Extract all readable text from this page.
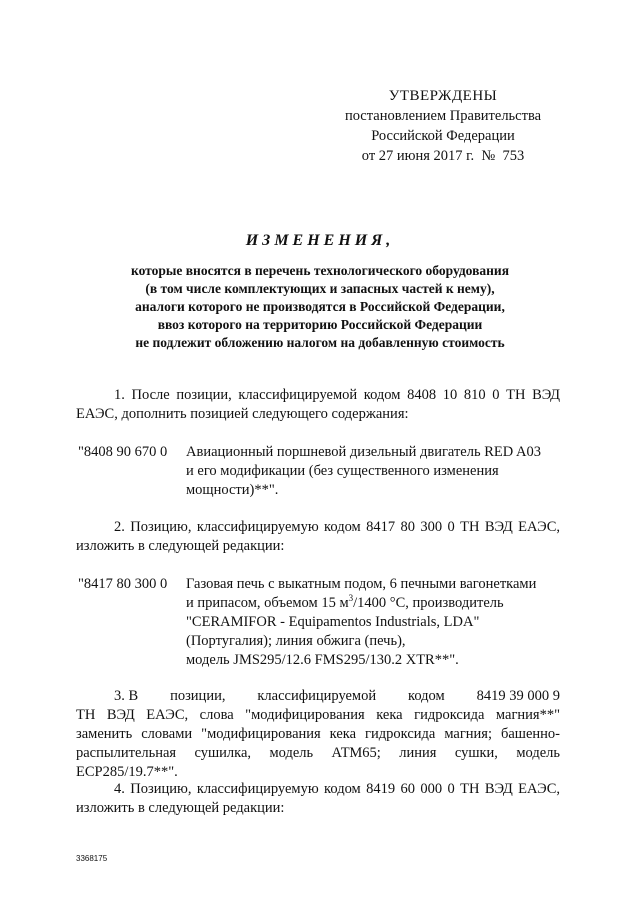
УТВЕРЖДЕНЫ
постановлением Правительства
Российской Федерации
от 27 июня 2017 г. № 753
ИЗМЕНЕНИЯ,
которые вносятся в перечень технологического оборудования
(в том числе комплектующих и запасных частей к нему),
аналоги которого не производятся в Российской Федерации,
ввоз которого на территорию Российской Федерации
не подлежит обложению налогом на добавленную стоимость
1. После позиции, классифицируемой кодом 8408 10 810 0 ТН ВЭД ЕАЭС, дополнить позицией следующего содержания:
"8408 90 670 0	Авиационный поршневой дизельный двигатель RED A03
и его модификации (без существенного изменения
мощности)**".
2. Позицию, классифицируемую кодом 8417 80 300 0 ТН ВЭД ЕАЭС, изложить в следующей редакции:
"8417 80 300 0	Газовая печь с выкатным подом, 6 печными вагонетками
и припасом, объемом 15 $м^3/1400$ °C, производитель
"CERAMIFOR - Equipamentos Industrials, LDA"
(Португалия); линия обжига (печь),
модель JMS295/12.6 FMS295/130.2 XTR**".
3. В позиции, классифицируемой кодом 8419 39 000 9
ТН ВЭД ЕАЭС, слова "модифицирования кека гидроксида магния**" заменить словами "модифицирования кека гидроксида магния; башенно-распылительная сушилка, модель АТМ65; линия сушки, модель ЕСР285/19.7**".
4. Позицию, классифицируемую кодом 8419 60 000 0 ТН ВЭД ЕАЭС, изложить в следующей редакции:
3368175
